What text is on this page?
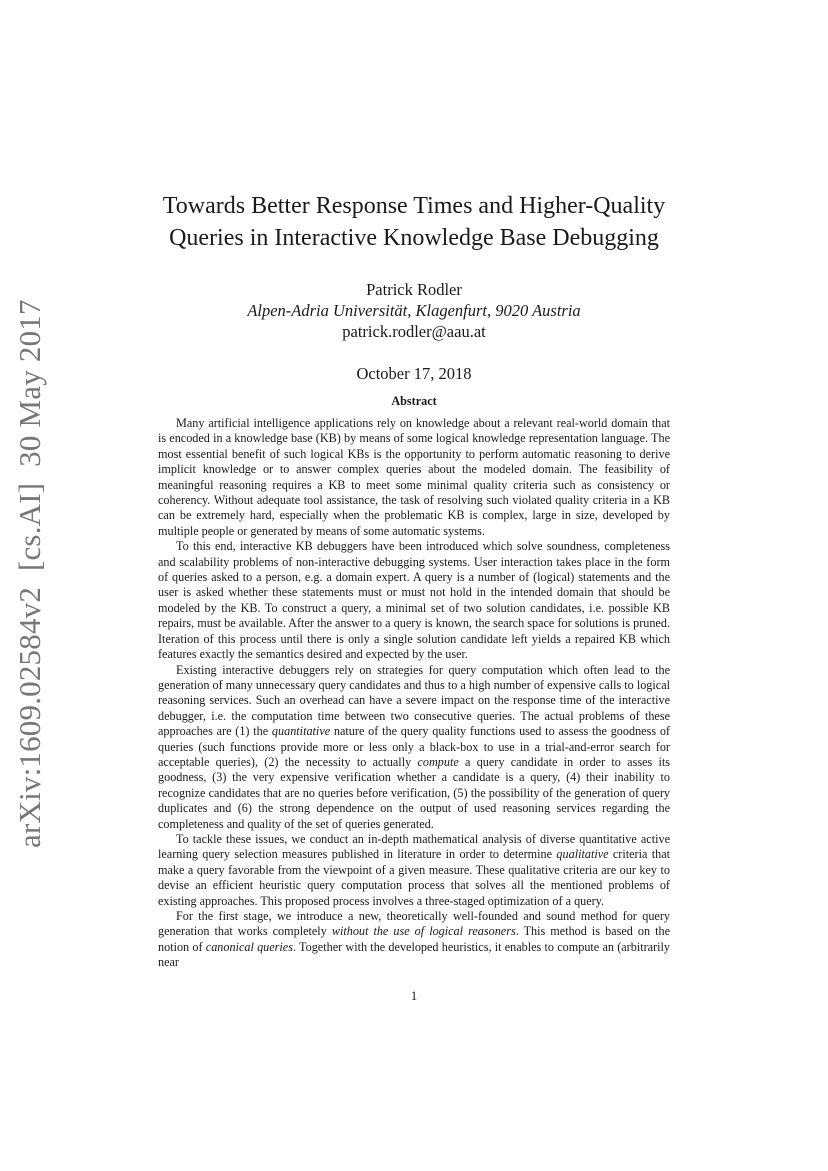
arXiv:1609.02584v2  [cs.AI]  30 May 2017
Towards Better Response Times and Higher-Quality
Queries in Interactive Knowledge Base Debugging
Patrick Rodler
Alpen-Adria Universität, Klagenfurt, 9020 Austria
patrick.rodler@aau.at
October 17, 2018
Abstract

Many artificial intelligence applications rely on knowledge about a relevant real-world domain that is encoded in a knowledge base (KB) by means of some logical knowledge representation language. The most essential benefit of such logical KBs is the opportunity to perform automatic reasoning to derive implicit knowledge or to answer complex queries about the modeled domain. The feasibility of meaningful reasoning requires a KB to meet some minimal quality criteria such as consistency or coherency. Without adequate tool assistance, the task of resolving such violated quality criteria in a KB can be extremely hard, especially when the problematic KB is complex, large in size, developed by multiple people or generated by means of some automatic systems.

To this end, interactive KB debuggers have been introduced which solve soundness, completeness and scalability problems of non-interactive debugging systems. User interaction takes place in the form of queries asked to a person, e.g. a domain expert. A query is a number of (logical) statements and the user is asked whether these statements must or must not hold in the intended domain that should be modeled by the KB. To construct a query, a minimal set of two solution candidates, i.e. possible KB repairs, must be available. After the answer to a query is known, the search space for solutions is pruned. Iteration of this process until there is only a single solution candidate left yields a repaired KB which features exactly the semantics desired and expected by the user.

Existing interactive debuggers rely on strategies for query computation which often lead to the generation of many unnecessary query candidates and thus to a high number of expensive calls to logical reasoning services. Such an overhead can have a severe impact on the response time of the interactive debugger, i.e. the computation time between two consecutive queries. The actual problems of these approaches are (1) the quantitative nature of the query quality functions used to assess the goodness of queries (such functions provide more or less only a black-box to use in a trial-and-error search for acceptable queries), (2) the necessity to actually compute a query candidate in order to asses its goodness, (3) the very expensive verification whether a candidate is a query, (4) their inability to recognize candidates that are no queries before verification, (5) the possibility of the generation of query duplicates and (6) the strong dependence on the output of used reasoning services regarding the completeness and quality of the set of queries generated.

To tackle these issues, we conduct an in-depth mathematical analysis of diverse quantitative active learning query selection measures published in literature in order to determine qualitative criteria that make a query favorable from the viewpoint of a given measure. These qualitative criteria are our key to devise an efficient heuristic query computation process that solves all the mentioned problems of existing approaches. This proposed process involves a three-staged optimization of a query.

For the first stage, we introduce a new, theoretically well-founded and sound method for query generation that works completely without the use of logical reasoners. This method is based on the notion of canonical queries. Together with the developed heuristics, it enables to compute an (arbitrarily near

1
